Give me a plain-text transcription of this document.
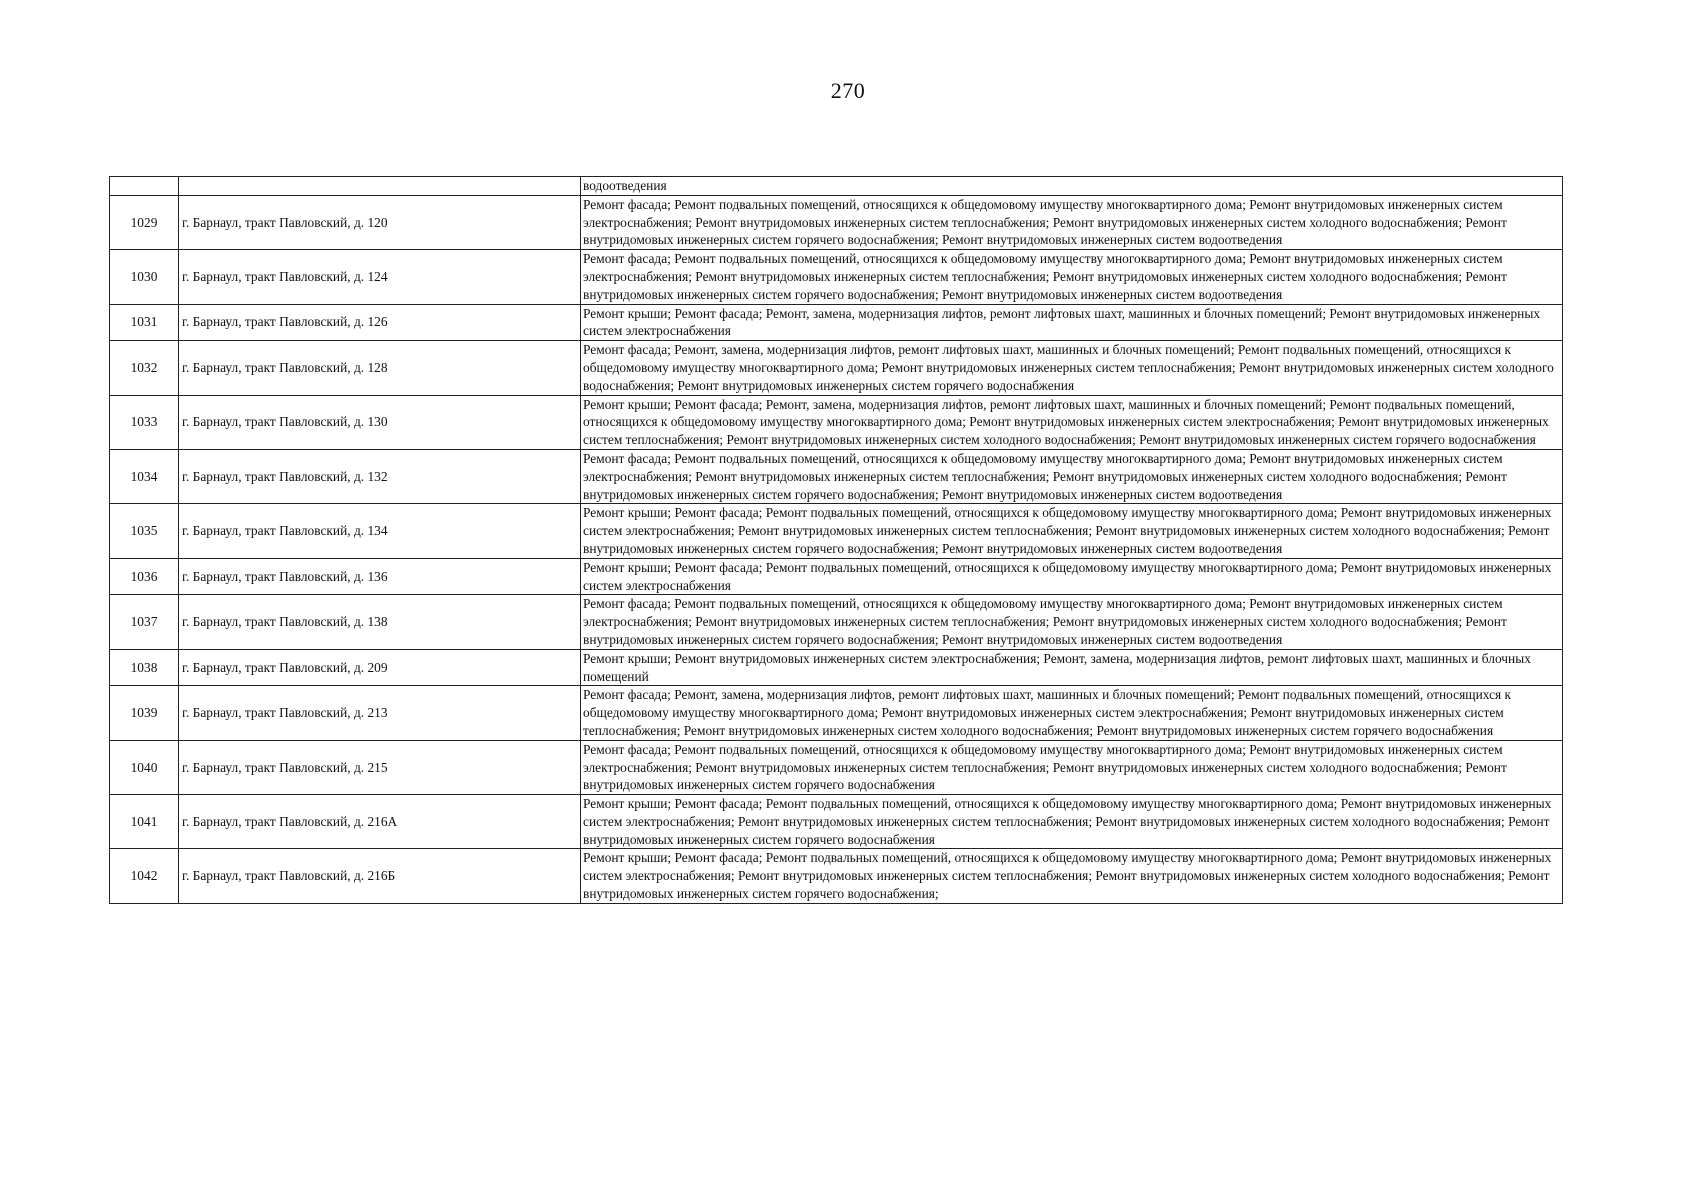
270
		водоотведения
1029	г. Барнаул, тракт Павловский, д. 120	Ремонт фасада; Ремонт подвальных помещений, относящихся к общедомовому имуществу многоквартирного дома; Ремонт внутридомовых инженерных систем электроснабжения; Ремонт внутридомовых инженерных систем теплоснабжения; Ремонт внутридомовых инженерных систем холодного водоснабжения; Ремонт внутридомовых инженерных систем горячего водоснабжения; Ремонт внутридомовых инженерных систем водоотведения
1030	г. Барнаул, тракт Павловский, д. 124	Ремонт фасада; Ремонт подвальных помещений, относящихся к общедомовому имуществу многоквартирного дома; Ремонт внутридомовых инженерных систем электроснабжения; Ремонт внутридомовых инженерных систем теплоснабжения; Ремонт внутридомовых инженерных систем холодного водоснабжения; Ремонт внутридомовых инженерных систем горячего водоснабжения; Ремонт внутридомовых инженерных систем водоотведения
1031	г. Барнаул, тракт Павловский, д. 126	Ремонт крыши; Ремонт фасада; Ремонт, замена, модернизация лифтов, ремонт лифтовых шахт, машинных и блочных помещений; Ремонт внутридомовых инженерных систем электроснабжения
1032	г. Барнаул, тракт Павловский, д. 128	Ремонт фасада; Ремонт, замена, модернизация лифтов, ремонт лифтовых шахт, машинных и блочных помещений; Ремонт подвальных помещений, относящихся к общедомовому имуществу многоквартирного дома; Ремонт внутридомовых инженерных систем теплоснабжения; Ремонт внутридомовых инженерных систем холодного водоснабжения; Ремонт внутридомовых инженерных систем горячего водоснабжения
1033	г. Барнаул, тракт Павловский, д. 130	Ремонт крыши; Ремонт фасада; Ремонт, замена, модернизация лифтов, ремонт лифтовых шахт, машинных и блочных помещений; Ремонт подвальных помещений, относящихся к общедомовому имуществу многоквартирного дома; Ремонт внутридомовых инженерных систем электроснабжения; Ремонт внутридомовых инженерных систем теплоснабжения; Ремонт внутридомовых инженерных систем холодного водоснабжения; Ремонт внутридомовых инженерных систем горячего водоснабжения
1034	г. Барнаул, тракт Павловский, д. 132	Ремонт фасада; Ремонт подвальных помещений, относящихся к общедомовому имуществу многоквартирного дома; Ремонт внутридомовых инженерных систем электроснабжения; Ремонт внутридомовых инженерных систем теплоснабжения; Ремонт внутридомовых инженерных систем холодного водоснабжения; Ремонт внутридомовых инженерных систем горячего водоснабжения; Ремонт внутридомовых инженерных систем водоотведения
1035	г. Барнаул, тракт Павловский, д. 134	Ремонт крыши; Ремонт фасада; Ремонт подвальных помещений, относящихся к общедомовому имуществу многоквартирного дома; Ремонт внутридомовых инженерных систем электроснабжения; Ремонт внутридомовых инженерных систем теплоснабжения; Ремонт внутридомовых инженерных систем холодного водоснабжения; Ремонт внутридомовых инженерных систем горячего водоснабжения; Ремонт внутридомовых инженерных систем водоотведения
1036	г. Барнаул, тракт Павловский, д. 136	Ремонт крыши; Ремонт фасада; Ремонт подвальных помещений, относящихся к общедомовому имуществу многоквартирного дома; Ремонт внутридомовых инженерных систем электроснабжения
1037	г. Барнаул, тракт Павловский, д. 138	Ремонт фасада; Ремонт подвальных помещений, относящихся к общедомовому имуществу многоквартирного дома; Ремонт внутридомовых инженерных систем электроснабжения; Ремонт внутридомовых инженерных систем теплоснабжения; Ремонт внутридомовых инженерных систем холодного водоснабжения; Ремонт внутридомовых инженерных систем горячего водоснабжения; Ремонт внутридомовых инженерных систем водоотведения
1038	г. Барнаул, тракт Павловский, д. 209	Ремонт крыши; Ремонт внутридомовых инженерных систем электроснабжения; Ремонт, замена, модернизация лифтов, ремонт лифтовых шахт, машинных и блочных помещений
1039	г. Барнаул, тракт Павловский, д. 213	Ремонт фасада; Ремонт, замена, модернизация лифтов, ремонт лифтовых шахт, машинных и блочных помещений; Ремонт подвальных помещений, относящихся к общедомовому имуществу многоквартирного дома; Ремонт внутридомовых инженерных систем электроснабжения; Ремонт внутридомовых инженерных систем теплоснабжения; Ремонт внутридомовых инженерных систем холодного водоснабжения; Ремонт внутридомовых инженерных систем горячего водоснабжения
1040	г. Барнаул, тракт Павловский, д. 215	Ремонт фасада; Ремонт подвальных помещений, относящихся к общедомовому имуществу многоквартирного дома; Ремонт внутридомовых инженерных систем электроснабжения; Ремонт внутридомовых инженерных систем теплоснабжения; Ремонт внутридомовых инженерных систем холодного водоснабжения; Ремонт внутридомовых инженерных систем горячего водоснабжения
1041	г. Барнаул, тракт Павловский, д. 216А	Ремонт крыши; Ремонт фасада; Ремонт подвальных помещений, относящихся к общедомовому имуществу многоквартирного дома; Ремонт внутридомовых инженерных систем электроснабжения; Ремонт внутридомовых инженерных систем теплоснабжения; Ремонт внутридомовых инженерных систем холодного водоснабжения; Ремонт внутридомовых инженерных систем горячего водоснабжения
1042	г. Барнаул, тракт Павловский, д. 216Б	Ремонт крыши; Ремонт фасада; Ремонт подвальных помещений, относящихся к общедомовому имуществу многоквартирного дома; Ремонт внутридомовых инженерных систем электроснабжения; Ремонт внутридомовых инженерных систем теплоснабжения; Ремонт внутридомовых инженерных систем холодного водоснабжения; Ремонт внутридомовых инженерных систем горячего водоснабжения;
